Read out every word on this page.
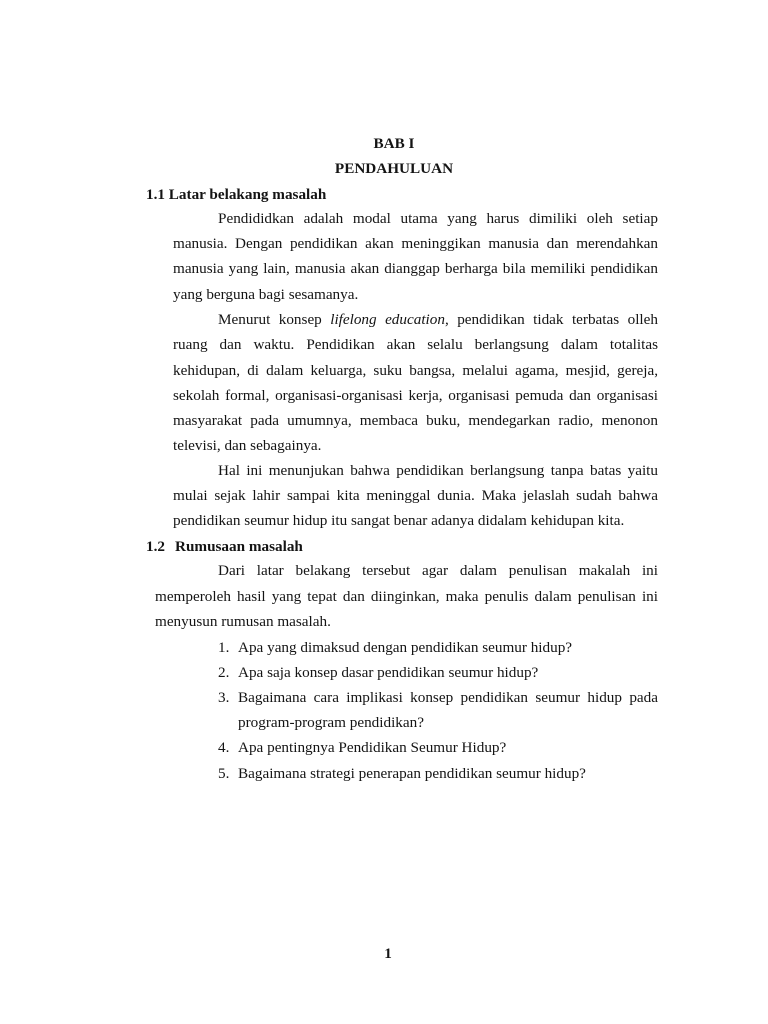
BAB I
PENDAHULUAN
1.1 Latar belakang masalah
Pendididkan adalah modal utama yang harus dimiliki oleh setiap
manusia. Dengan pendidikan akan meninggikan manusia dan merendahkan
manusia yang lain, manusia akan dianggap berharga bila memiliki pendidikan
yang berguna bagi sesamanya.
Menurut konsep lifelong education, pendidikan tidak terbatas olleh
ruang dan waktu. Pendidikan akan selalu berlangsung dalam totalitas
kehidupan, di dalam keluarga, suku bangsa, melalui agama, mesjid, gereja,
sekolah formal, organisasi-organisasi kerja, organisasi pemuda dan organisasi
masyarakat pada umumnya, membaca buku, mendegarkan radio, menonon
televisi, dan sebagainya.
Hal ini menunjukan bahwa pendidikan berlangsung tanpa batas yaitu
mulai sejak lahir sampai kita meninggal dunia. Maka jelaslah sudah bahwa
pendidikan seumur hidup itu sangat benar adanya didalam kehidupan kita.
1.2 Rumusaan masalah
Dari latar belakang tersebut agar dalam penulisan makalah ini
memperoleh hasil yang tepat dan diinginkan, maka penulis dalam penulisan ini
menyusun rumusan masalah.
1. Apa yang dimaksud dengan pendidikan seumur hidup?
2. Apa saja konsep dasar pendidikan seumur hidup?
3. Bagaimana cara implikasi konsep pendidikan seumur hidup pada
program-program pendidikan?
4. Apa pentingnya Pendidikan Seumur Hidup?
5. Bagaimana strategi penerapan pendidikan seumur hidup?
1
